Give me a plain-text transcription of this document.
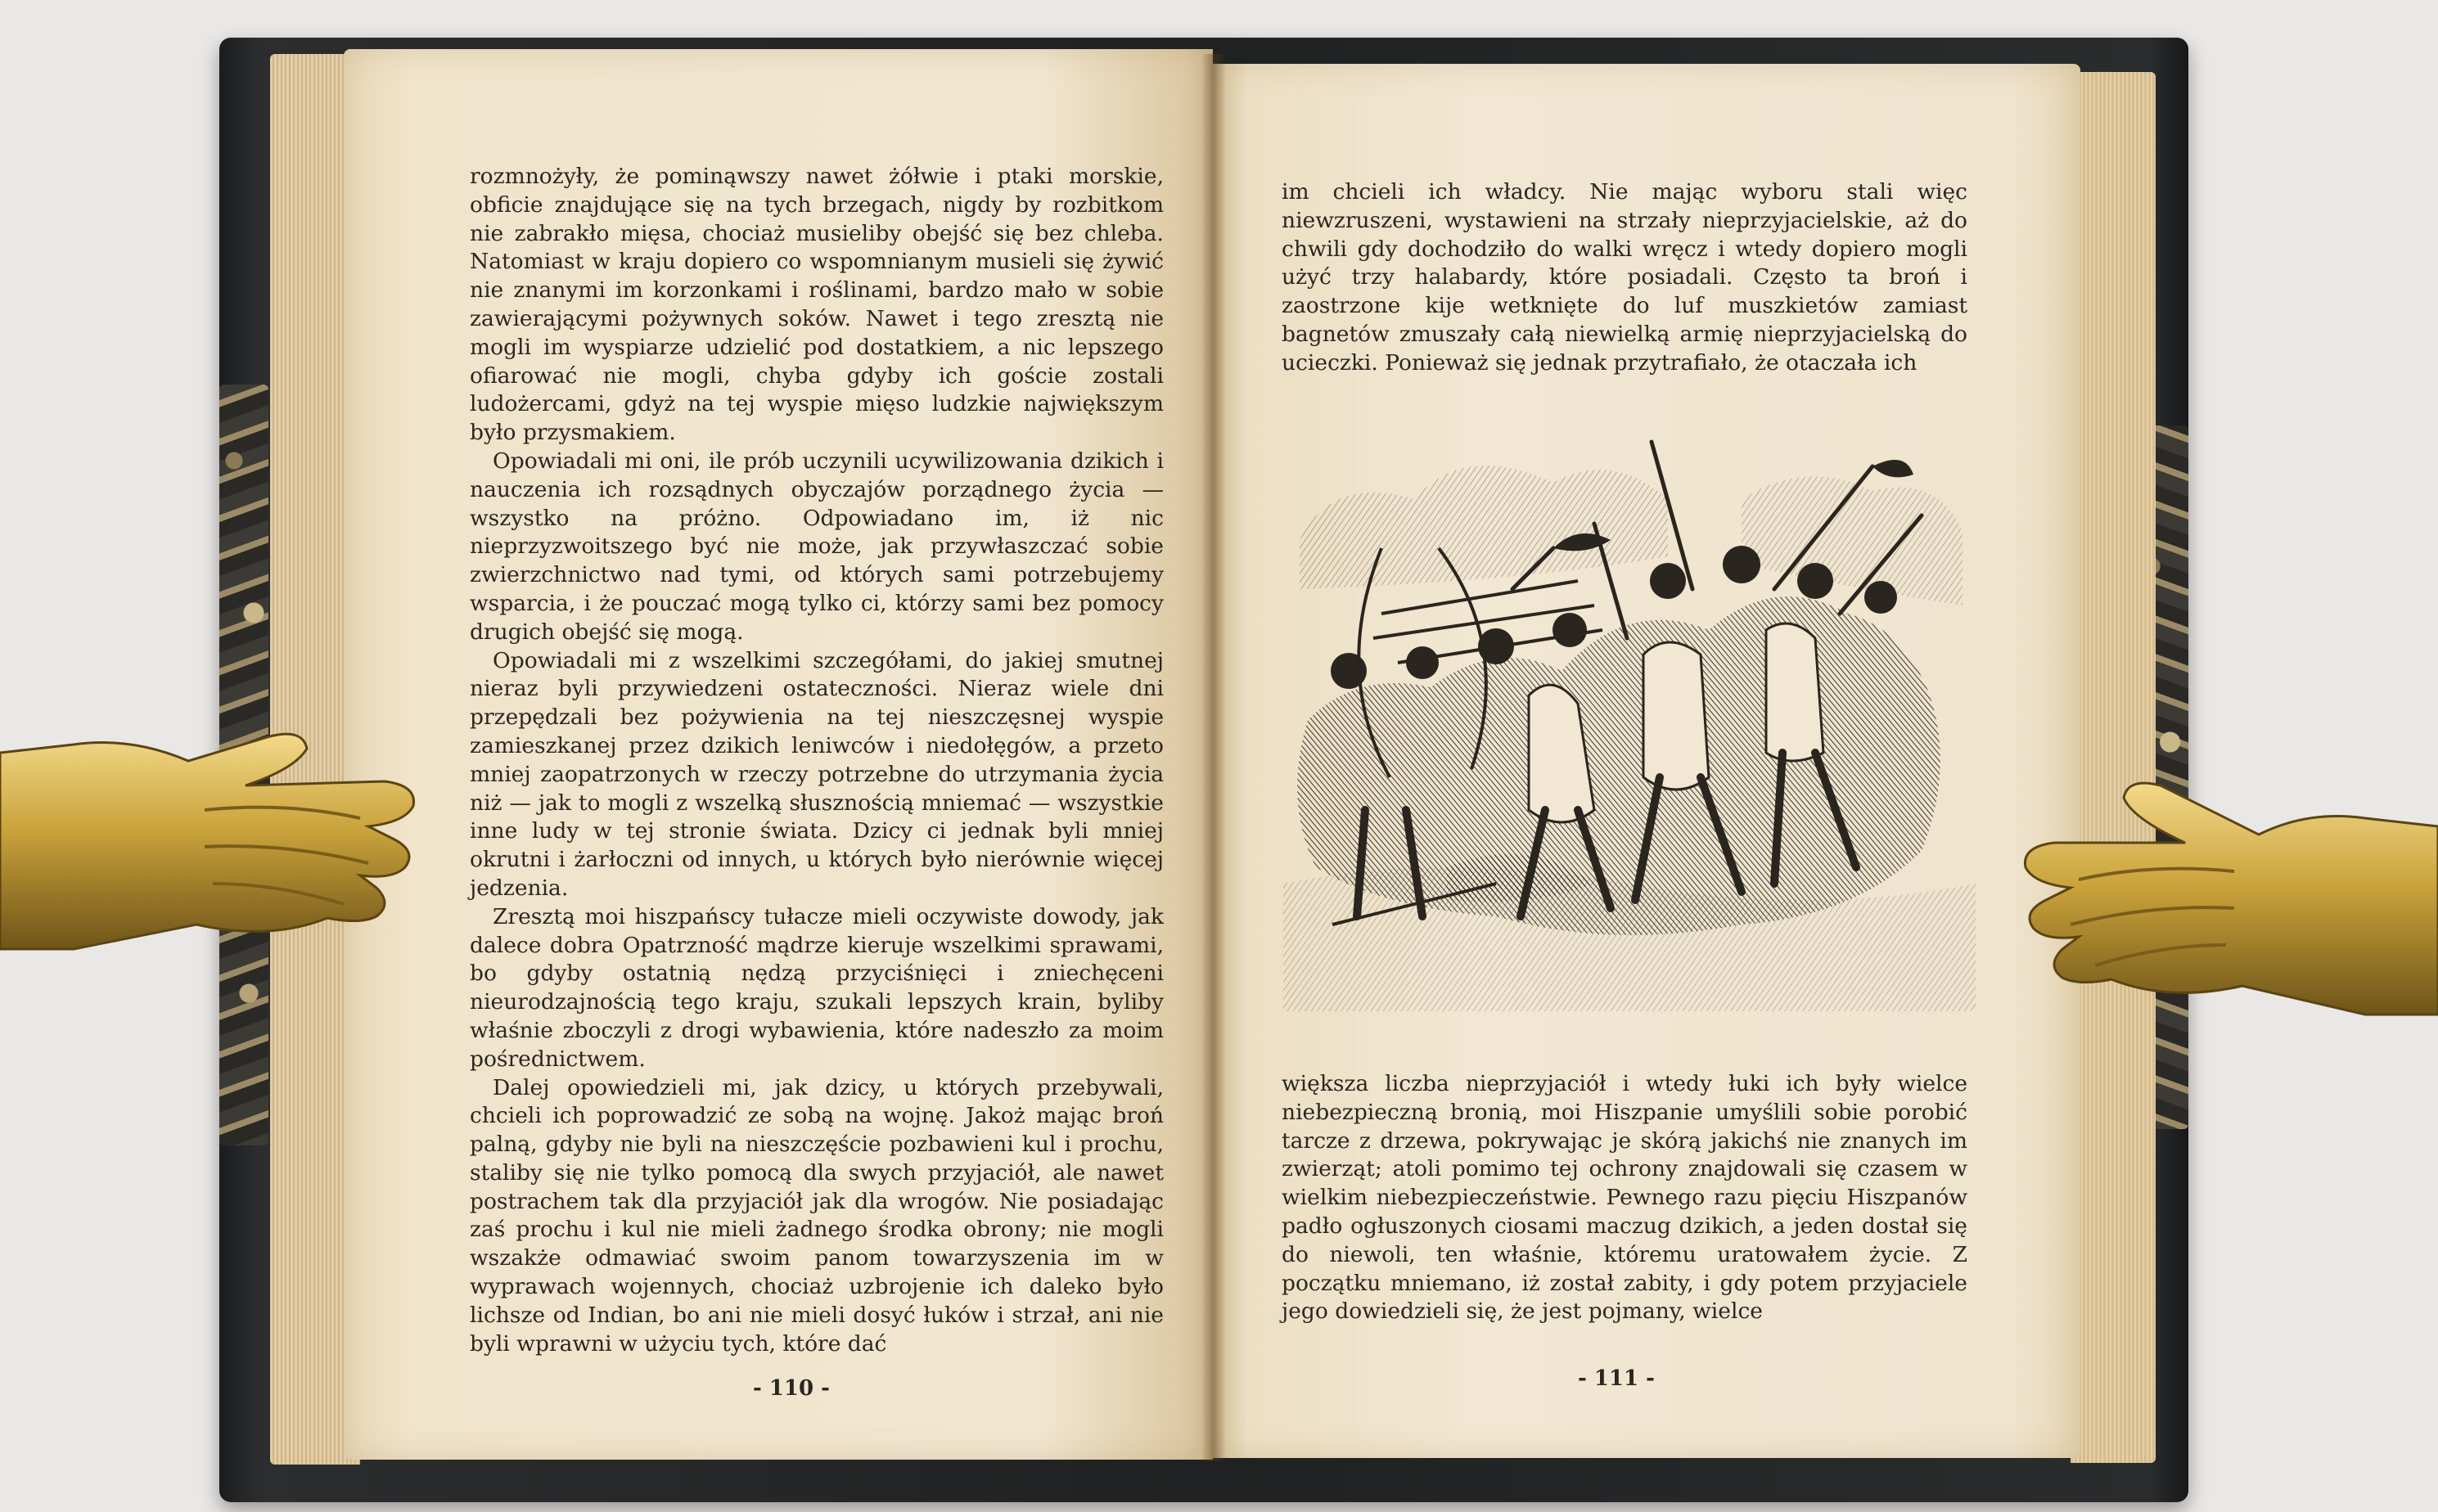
rozmnożyły, że pominąwszy nawet żółwie i ptaki morskie, obficie znajdujące się na tych brzegach, nigdy by rozbitkom nie zabrakło mięsa, chociaż musieliby obejść się bez chleba. Natomiast w kraju dopiero co wspomnianym musieli się żywić nie znanymi im korzonkami i roślinami, bardzo mało w sobie zawierającymi pożywnych soków. Nawet i tego zresztą nie mogli im wyspiarze udzielić pod dostatkiem, a nic lepszego ofiarować nie mogli, chyba gdyby ich goście zostali ludożercami, gdyż na tej wyspie mięso ludzkie największym było przysmakiem.

Opowiadali mi oni, ile prób uczynili ucywilizowania dzikich i nauczenia ich rozsądnych obyczajów porządnego życia — wszystko na próżno. Odpowiadano im, iż nic nieprzyzwoitszego być nie może, jak przywłaszczać sobie zwierzchnictwo nad tymi, od których sami potrzebujemy wsparcia, i że pouczać mogą tylko ci, którzy sami bez pomocy drugich obejść się mogą.

Opowiadali mi z wszelkimi szczegółami, do jakiej smutnej nieraz byli przywiedzeni ostateczności. Nieraz wiele dni przepędzali bez pożywienia na tej nieszczęsnej wyspie zamieszkanej przez dzikich leniwców i niedołęgów, a przeto mniej zaopatrzonych w rzeczy potrzebne do utrzymania życia niż — jak to mogli z wszelką słusznością mniemać — wszystkie inne ludy w tej stronie świata. Dzicy ci jednak byli mniej okrutni i żarłoczni od innych, u których było nierównie więcej jedzenia.

Zresztą moi hiszpańscy tułacze mieli oczywiste dowody, jak dalece dobra Opatrzność mądrze kieruje wszelkimi sprawami, bo gdyby ostatnią nędzą przyciśnięci i zniechęceni nieurodzajnością tego kraju, szukali lepszych krain, byliby właśnie zboczyli z drogi wybawienia, które nadeszło za moim pośrednictwem.

Dalej opowiedzieli mi, jak dzicy, u których przebywali, chcieli ich poprowadzić ze sobą na wojnę. Jakoż mając broń palną, gdyby nie byli na nieszczęście pozbawieni kul i prochu, staliby się nie tylko pomocą dla swych przyjaciół, ale nawet postrachem tak dla przyjaciół jak dla wrogów. Nie posiadając zaś prochu i kul nie mieli żadnego środka obrony; nie mogli wszakże odmawiać swoim panom towarzyszenia im w wyprawach wojennych, chociaż uzbrojenie ich daleko było lichsze od Indian, bo ani nie mieli dosyć łuków i strzał, ani nie byli wprawni w użyciu tych, które dać

- 110 -

im chcieli ich władcy. Nie mając wyboru stali więc niewzruszeni, wystawieni na strzały nieprzyjacielskie, aż do chwili gdy dochodziło do walki wręcz i wtedy dopiero mogli użyć trzy halabardy, które posiadali. Często ta broń i zaostrzone kije wetknięte do luf muszkietów zamiast bagnetów zmuszały całą niewielką armię nieprzyjacielską do ucieczki. Ponieważ się jednak przytrafiało, że otaczała ich

większa liczba nieprzyjaciół i wtedy łuki ich były wielce niebezpieczną bronią, moi Hiszpanie umyślili sobie porobić tarcze z drzewa, pokrywając je skórą jakichś nie znanych im zwierząt; atoli pomimo tej ochrony znajdowali się czasem w wielkim niebezpieczeństwie. Pewnego razu pięciu Hiszpanów padło ogłuszonych ciosami maczug dzikich, a jeden dostał się do niewoli, ten właśnie, któremu uratowałem życie. Z początku mniemano, iż został zabity, i gdy potem przyjaciele jego dowiedzieli się, że jest pojmany, wielce

- 111 -
